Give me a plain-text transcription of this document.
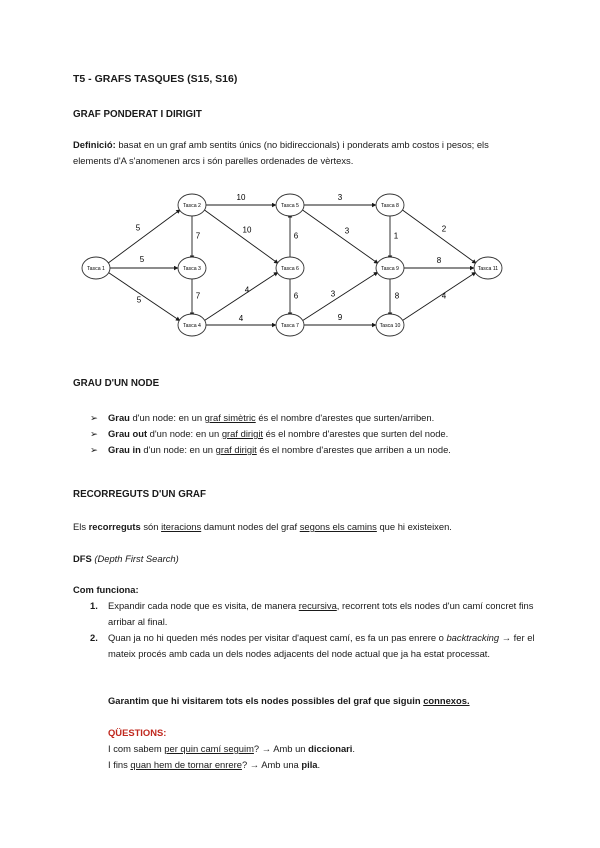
T5 - GRAFS TASQUES (S15, S16)

GRAF PONDERAT I DIRIGIT

Definició: basat en un graf amb sentits únics (no bidireccionals) i ponderats amb costos i pesos; els
elements d'A s'anomenen arcs i són parelles ordenades de vèrtexs.

5
5
5
10
10
7
7
4
4
3
3
6
6	3
9
1
2
8
8	4
Tasca 1
Tasca 2
Tasca 3
Tasca 4
Tasca 5
Tasca 6
Tasca 7
Tasca 8
Tasca 9
Tasca 10
Tasca 11

GRAU D'UN NODE

➢ Grau d'un node: en un graf simètric és el nombre d'arestes que surten/arriben.
➢ Grau out d'un node: en un graf dirigit és el nombre d'arestes que surten del node.
➢ Grau in d'un node: en un graf dirigit és el nombre d'arestes que arriben a un node.

RECORREGUTS D'UN GRAF

Els recorreguts són iteracions damunt nodes del graf segons els camins que hi existeixen.

DFS (Depth First Search)

Com funciona:

1. Expandir cada node que es visita, de manera recursiva, recorrent tots els nodes d'un camí concret fins arribar al final.
2. Quan ja no hi queden més nodes per visitar d'aquest camí, es fa un pas enrere o backtracking → fer el mateix procés amb cada un dels nodes adjacents del node actual que ja ha estat processat.

Garantim que hi visitarem tots els nodes possibles del graf que siguin connexos.

QÜESTIONS:

I com sabem per quin camí seguim? → Amb un diccionari.

I fins quan hem de tornar enrere? → Amb una pila.
